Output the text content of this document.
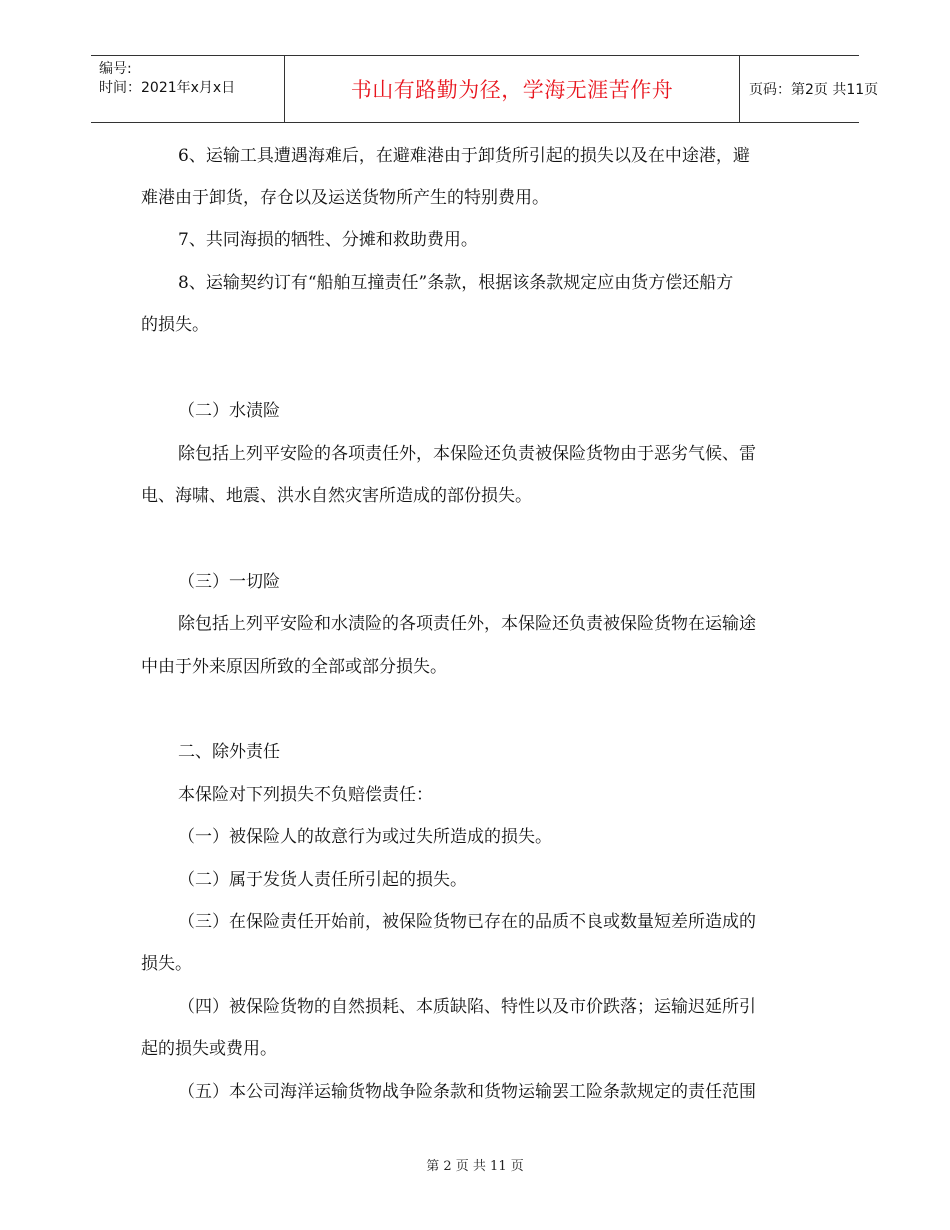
编号:
时间：2021年x月x日	书山有路勤为径，学海无涯苦作舟	页码：第2页 共11页
6、运输工具遭遇海难后，在避难港由于卸货所引起的损失以及在中途港，避
难港由于卸货，存仓以及运送货物所产生的特别费用。
7、共同海损的牺牲、分摊和救助费用。
8、运输契约订有“船舶互撞责任”条款，根据该条款规定应由货方偿还船方
的损失。
（二）水渍险
除包括上列平安险的各项责任外，本保险还负责被保险货物由于恶劣气候、雷
电、海啸、地震、洪水自然灾害所造成的部份损失。
（三）一切险
除包括上列平安险和水渍险的各项责任外，本保险还负责被保险货物在运输途
中由于外来原因所致的全部或部分损失。
二、除外责任
本保险对下列损失不负赔偿责任：
（一）被保险人的故意行为或过失所造成的损失。
（二）属于发货人责任所引起的损失。
（三）在保险责任开始前，被保险货物已存在的品质不良或数量短差所造成的
损失。
（四）被保险货物的自然损耗、本质缺陷、特性以及市价跌落；运输迟延所引
起的损失或费用。
（五）本公司海洋运输货物战争险条款和货物运输罢工险条款规定的责任范围
第 2 页 共 11 页
